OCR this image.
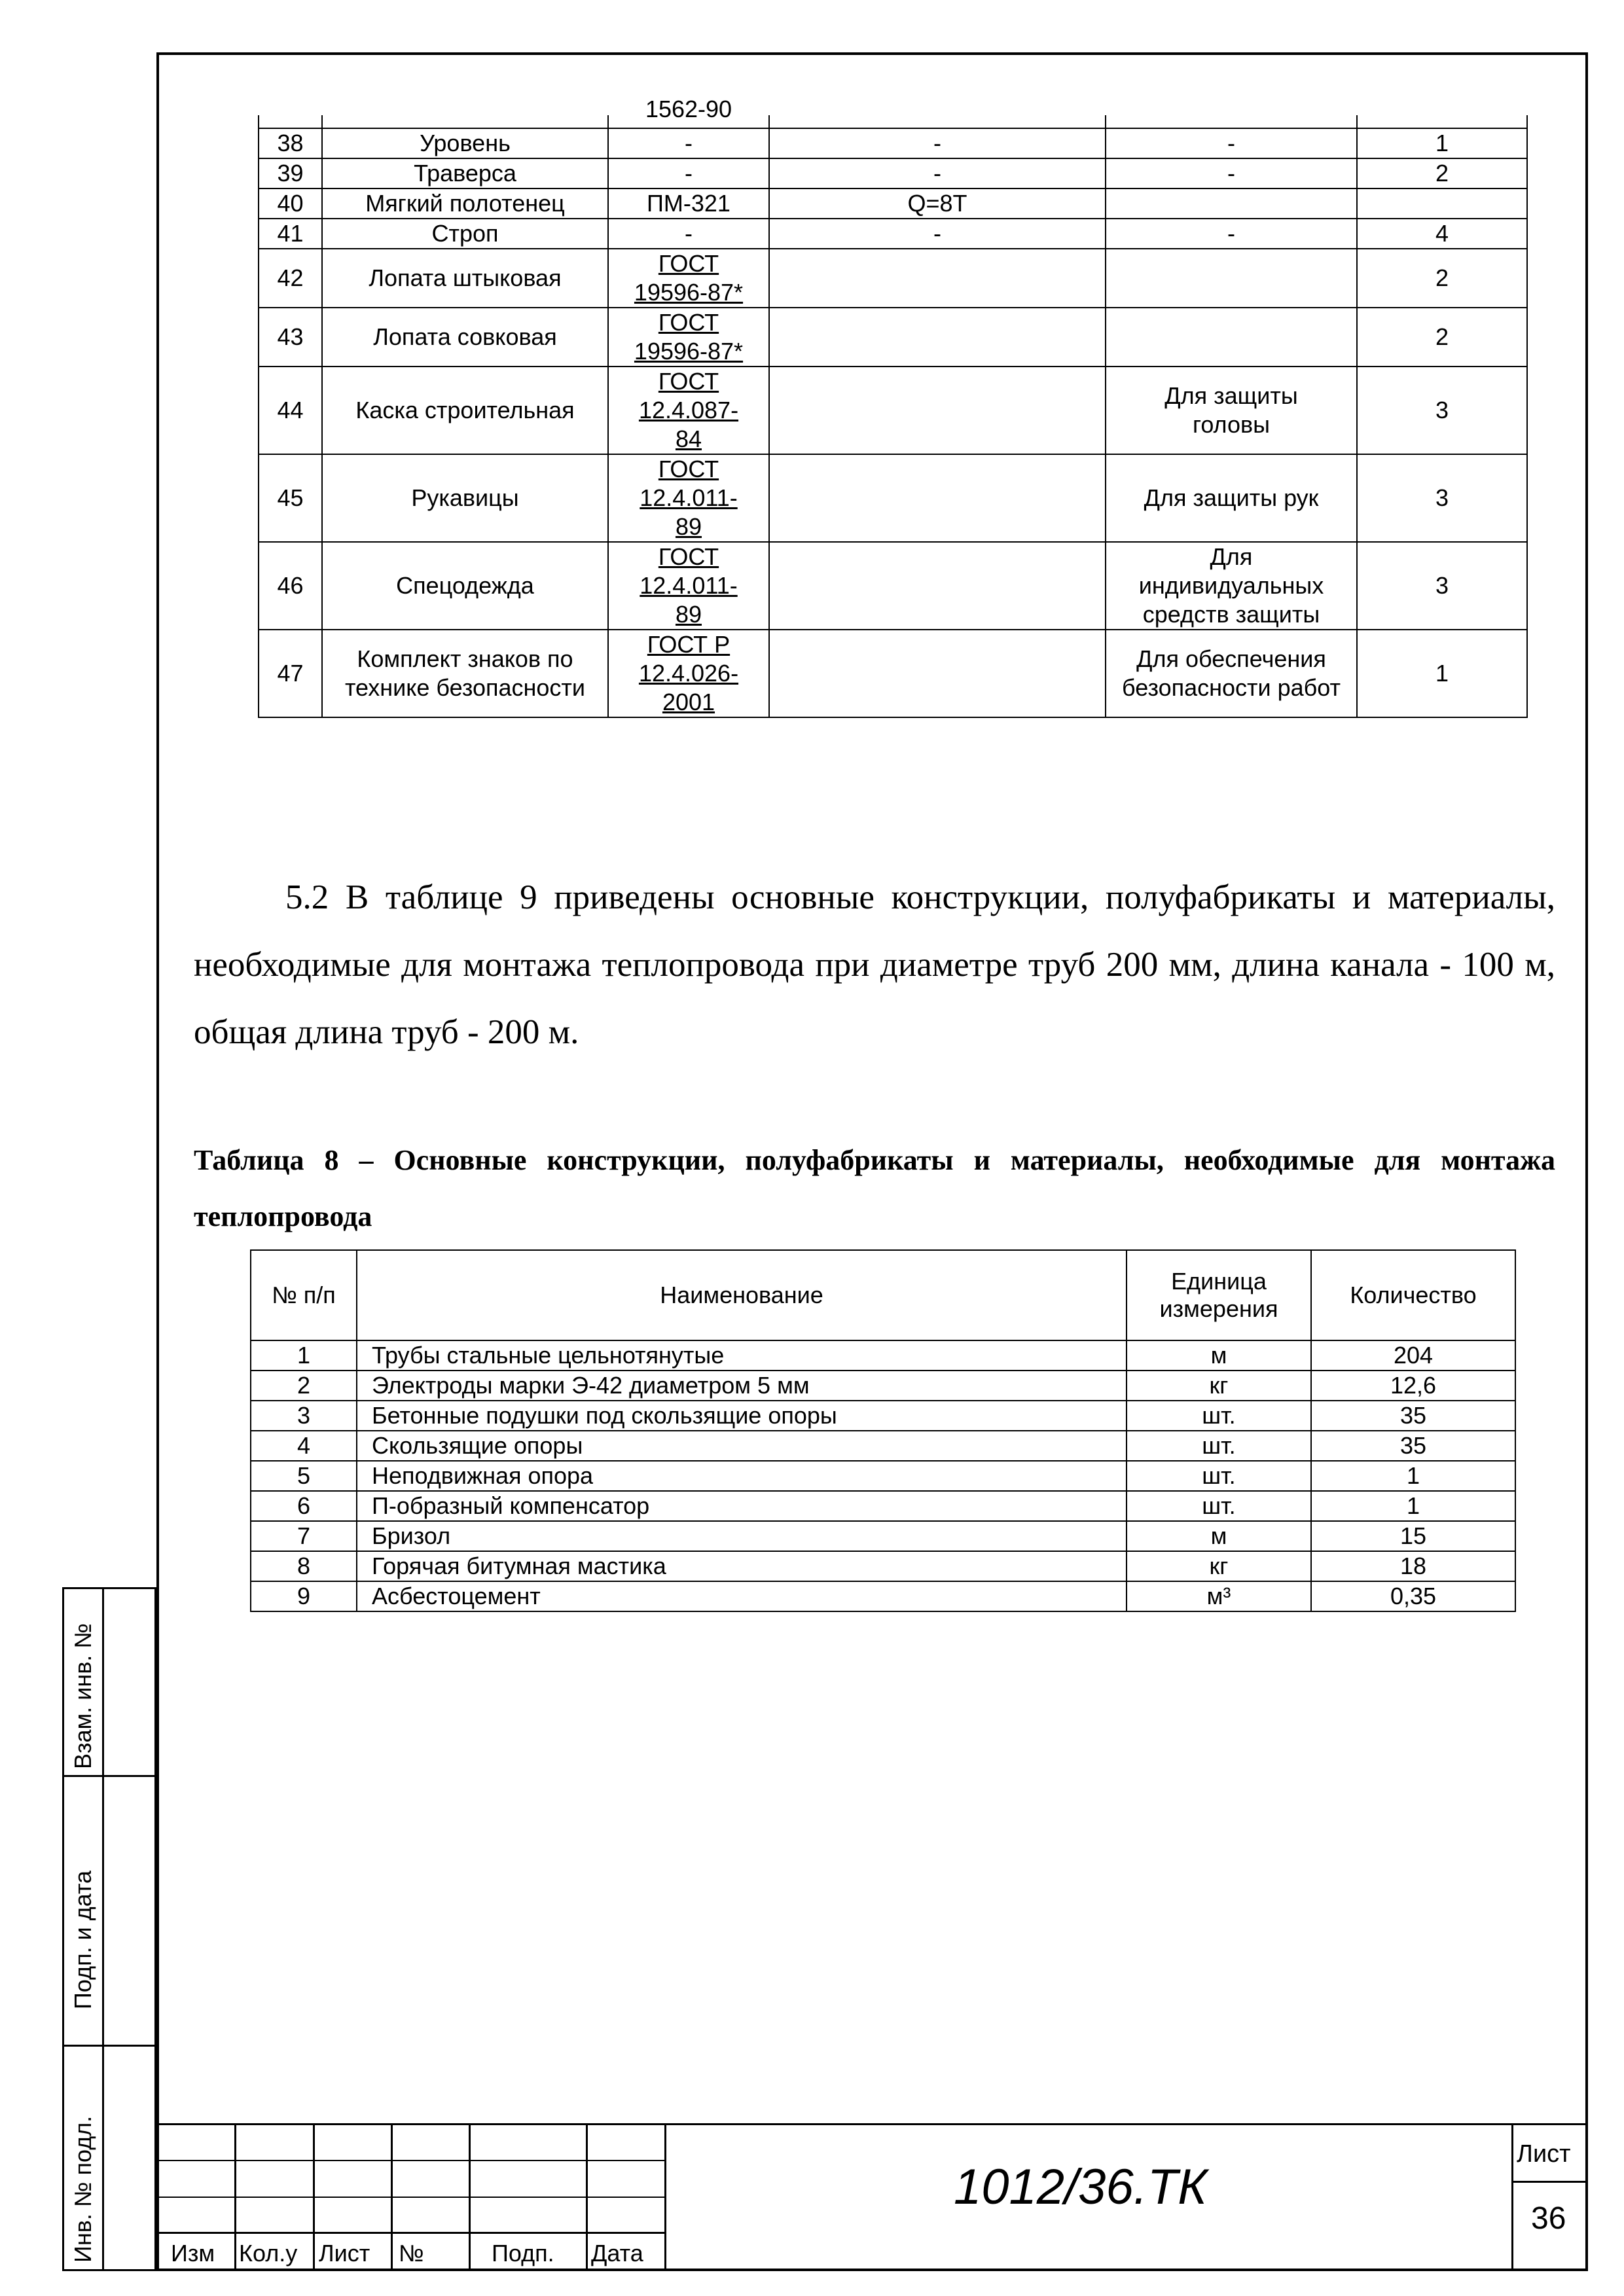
		1562-90			
38	Уровень	-	-	-	1
39	Траверса	-	-	-	2
40	Мягкий полотенец	ПМ-321	Q=8Т		
41	Строп	-	-	-	4
42	Лопата штыковая	ГОСТ 19596-87*			2
43	Лопата совковая	ГОСТ 19596-87*			2
44	Каска строительная	ГОСТ 12.4.087-84		Для защиты головы	3
45	Рукавицы	ГОСТ 12.4.011-89		Для защиты рук	3
46	Спецодежда	ГОСТ 12.4.011-89		Для индивидуальных средств защиты	3
47	Комплект знаков по технике безопасности	ГОСТ Р 12.4.026-2001		Для обеспечения безопасности работ	1
5.2 В таблице 9 приведены основные конструкции, полуфабрикаты и материалы, необходимые для монтажа теплопровода при диаметре труб 200 мм, длина канала - 100 м, общая длина труб - 200 м.
Таблица 8 – Основные конструкции, полуфабрикаты и материалы, необходимые для монтажа теплопровода
№ п/п	Наименование	Единица измерения	Количество
1	Трубы стальные цельнотянутые	м	204
2	Электроды марки Э-42 диаметром 5 мм	кг	12,6
3	Бетонные подушки под скользящие опоры	шт.	35
4	Скользящие опоры	шт.	35
5	Неподвижная опора	шт.	1
6	П-образный компенсатор	шт.	1
7	Бризол	м	15
8	Горячая битумная мастика	кг	18
9	Асбестоцемент	м³	0,35
Взам. инв. №
Подп. и дата
Инв. № подл.	Изм Кол.у Лист №	Подп. Дата
1012/36.ТК
Лист
36
